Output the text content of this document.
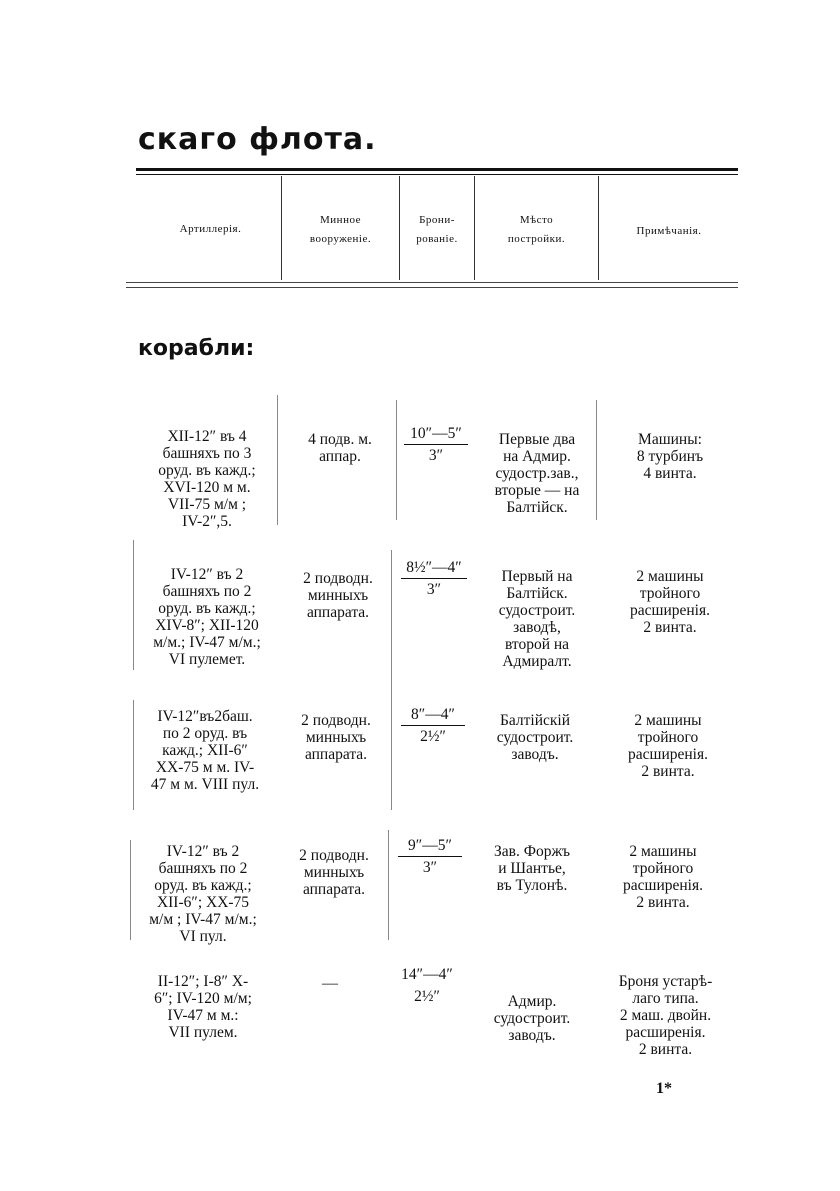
скаго флота.
Артиллерія.
Минное
вооруженіе.
Брони-
рованіе.
Мѣсто
постройки.
Примѣчанія.
корабли:
XII-12″ въ 4
башняхъ по 3
оруд. въ кажд.;
XVI-120 м м.
VII-75 м/м ;
IV-2″,5.
4 подв. м.
аппар.
10″—5″
3″
Первые два
на Адмир.
судостр.зав.,
вторые — на
Балтійск.
Машины:
8 турбинъ
4 винта.
IV-12″ въ 2
башняхъ по 2
оруд. въ кажд.;
XIV-8″; XII-120
м/м.; IV-47 м/м.;
VI пулемет.
2 подводн.
минныхъ
аппарата.
8½″—4″
3″
Первый на
Балтійск.
судостроит.
заводѣ,
второй на
Адмиралт.
2 машины
тройного
расширенія.
2 винта.
IV-12″въ2баш.
по 2 оруд. въ
кажд.; XII-6″
XX-75 м м. IV-
47 м м. VIII пул.
2 подводн.
минныхъ
аппарата.
8″—4″
2½″
Балтійскій
судостроит.
заводъ.
2 машины
тройного
расширенія.
2 винта.
IV-12″ въ 2
башняхъ по 2
оруд. въ кажд.;
XII-6″; XX-75
м/м ; IV-47 м/м.;
VI пул.
2 подводн.
минныхъ
аппарата.
9″—5″
3″
Зав. Форжъ
и Шантье,
въ Тулонѣ.
2 машины
тройного
расширенія.
2 винта.
II-12″; I-8″ X-
6″; IV-120 м/м;
IV-47 м м.:
VII пулем.
—
14″—4″
2½″	Адмир.
судостроит.
заводъ.
Броня устарѣ-
лаго типа.
2 маш. двойн.
расширенія.
2 винта.
1*
